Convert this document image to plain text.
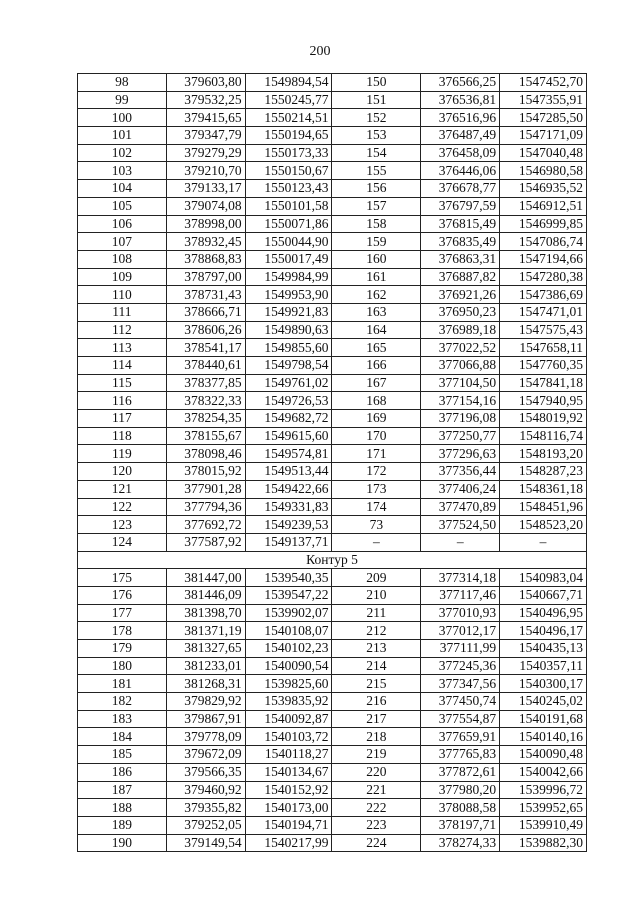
200
98	379603,80	1549894,54	150	376566,25	1547452,70
99	379532,25	1550245,77	151	376536,81	1547355,91
100	379415,65	1550214,51	152	376516,96	1547285,50
101	379347,79	1550194,65	153	376487,49	1547171,09
102	379279,29	1550173,33	154	376458,09	1547040,48
103	379210,70	1550150,67	155	376446,06	1546980,58
104	379133,17	1550123,43	156	376678,77	1546935,52
105	379074,08	1550101,58	157	376797,59	1546912,51
106	378998,00	1550071,86	158	376815,49	1546999,85
107	378932,45	1550044,90	159	376835,49	1547086,74
108	378868,83	1550017,49	160	376863,31	1547194,66
109	378797,00	1549984,99	161	376887,82	1547280,38
110	378731,43	1549953,90	162	376921,26	1547386,69
111	378666,71	1549921,83	163	376950,23	1547471,01
112	378606,26	1549890,63	164	376989,18	1547575,43
113	378541,17	1549855,60	165	377022,52	1547658,11
114	378440,61	1549798,54	166	377066,88	1547760,35
115	378377,85	1549761,02	167	377104,50	1547841,18
116	378322,33	1549726,53	168	377154,16	1547940,95
117	378254,35	1549682,72	169	377196,08	1548019,92
118	378155,67	1549615,60	170	377250,77	1548116,74
119	378098,46	1549574,81	171	377296,63	1548193,20
120	378015,92	1549513,44	172	377356,44	1548287,23
121	377901,28	1549422,66	173	377406,24	1548361,18
122	377794,36	1549331,83	174	377470,89	1548451,96
123	377692,72	1549239,53	73	377524,50	1548523,20
124	377587,92	1549137,71	–	–	–
Контур 5					
175	381447,00	1539540,35	209	377314,18	1540983,04
176	381446,09	1539547,22	210	377117,46	1540667,71
177	381398,70	1539902,07	211	377010,93	1540496,95
178	381371,19	1540108,07	212	377012,17	1540496,17
179	381327,65	1540102,23	213	377111,99	1540435,13
180	381233,01	1540090,54	214	377245,36	1540357,11
181	381268,31	1539825,60	215	377347,56	1540300,17
182	379829,92	1539835,92	216	377450,74	1540245,02
183	379867,91	1540092,87	217	377554,87	1540191,68
184	379778,09	1540103,72	218	377659,91	1540140,16
185	379672,09	1540118,27	219	377765,83	1540090,48
186	379566,35	1540134,67	220	377872,61	1540042,66
187	379460,92	1540152,92	221	377980,20	1539996,72
188	379355,82	1540173,00	222	378088,58	1539952,65
189	379252,05	1540194,71	223	378197,71	1539910,49
190	379149,54	1540217,99	224	378274,33	1539882,30
